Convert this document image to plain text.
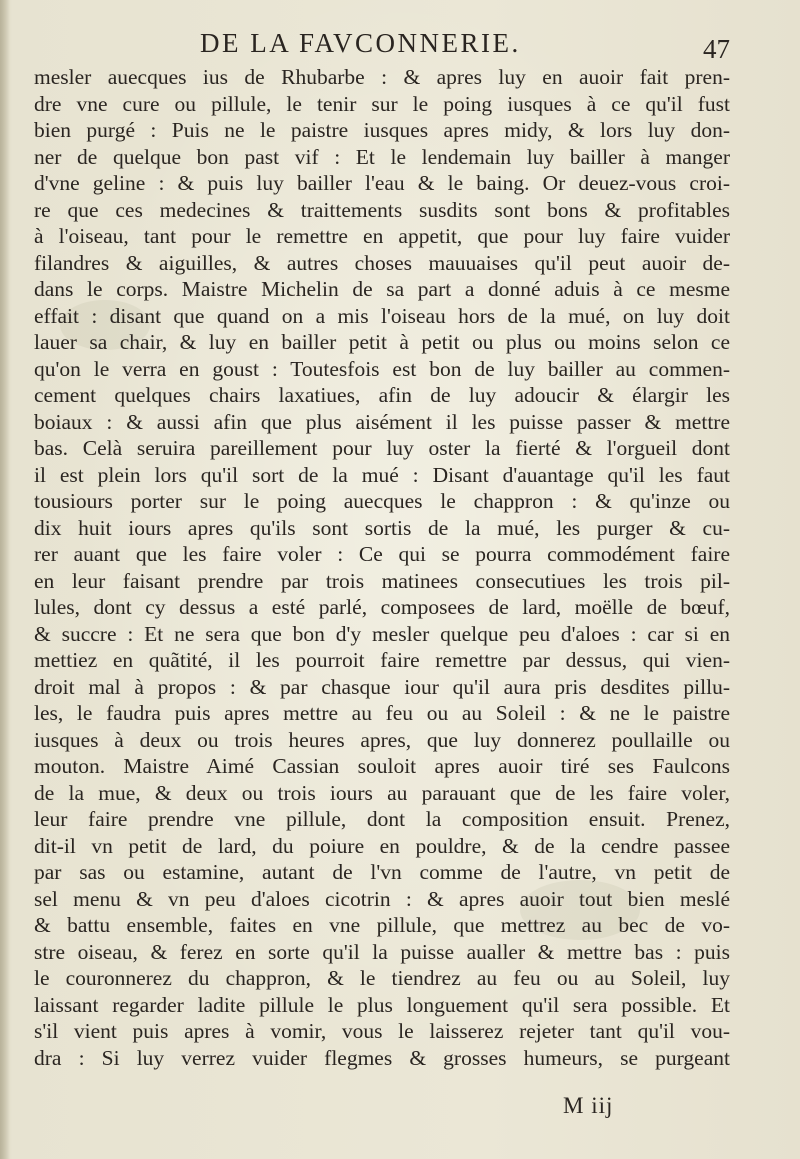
DE LA FAVCONNERIE.	47
mesler auecques ius de Rhubarbe : & apres luy en auoir fait pren-
dre vne cure ou pillule, le tenir sur le poing iusques à ce qu'il fust
bien purgé : Puis ne le paistre iusques apres midy, & lors luy don-
ner de quelque bon past vif : Et le lendemain luy bailler à manger
d'vne geline : & puis luy bailler l'eau & le baing. Or deuez-vous croi-
re que ces medecines & traittements susdits sont bons & profitables
à l'oiseau, tant pour le remettre en appetit, que pour luy faire vuider
filandres & aiguilles, & autres choses mauuaises qu'il peut auoir de-
dans le corps. Maistre Michelin de sa part a donné aduis à ce mesme
effait : disant que quand on a mis l'oiseau hors de la mué, on luy doit
lauer sa chair, & luy en bailler petit à petit ou plus ou moins selon ce
qu'on le verra en goust : Toutesfois est bon de luy bailler au commen-
cement quelques chairs laxatiues, afin de luy adoucir & élargir les
boiaux : & aussi afin que plus aisément il les puisse passer & mettre
bas. Celà seruira pareillement pour luy oster la fierté & l'orgueil dont
il est plein lors qu'il sort de la mué : Disant d'auantage qu'il les faut
tousiours porter sur le poing auecques le chappron : & qu'inze ou
dix huit iours apres qu'ils sont sortis de la mué, les purger & cu-
rer auant que les faire voler : Ce qui se pourra commodément faire
en leur faisant prendre par trois matinees consecutiues les trois pil-
lules, dont cy dessus a esté parlé, composees de lard, moëlle de bœuf,
& succre : Et ne sera que bon d'y mesler quelque peu d'aloes : car si en
mettiez en quãtité, il les pourroit faire remettre par dessus, qui vien-
droit mal à propos : & par chasque iour qu'il aura pris desdites pillu-
les, le faudra puis apres mettre au feu ou au Soleil : & ne le paistre
iusques à deux ou trois heures apres, que luy donnerez poullaille ou
mouton. Maistre Aimé Cassian souloit apres auoir tiré ses Faulcons
de la mue, & deux ou trois iours au parauant que de les faire voler,
leur faire prendre vne pillule, dont la composition ensuit. Prenez,
dit-il vn petit de lard, du poiure en pouldre, & de la cendre passee
par sas ou estamine, autant de l'vn comme de l'autre, vn petit de
sel menu & vn peu d'aloes cicotrin : & apres auoir tout bien meslé
& battu ensemble, faites en vne pillule, que mettrez au bec de vo-
stre oiseau, & ferez en sorte qu'il la puisse aualler & mettre bas : puis
le couronnerez du chappron, & le tiendrez au feu ou au Soleil, luy
laissant regarder ladite pillule le plus longuement qu'il sera possible. Et
s'il vient puis apres à vomir, vous le laisserez rejeter tant qu'il vou-
dra : Si luy verrez vuider flegmes & grosses humeurs, se purgeant
M iij
